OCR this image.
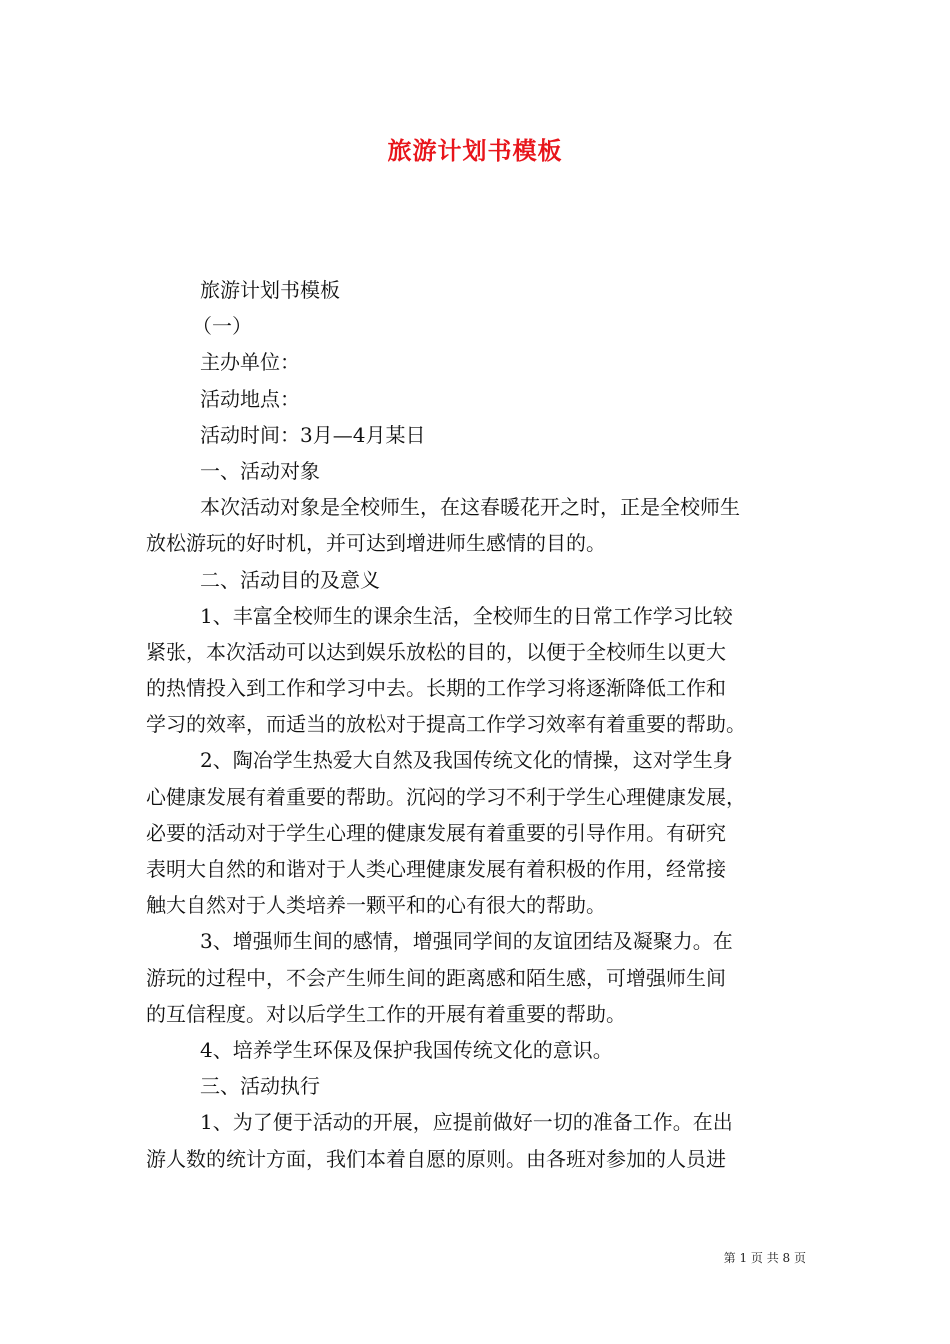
旅游计划书模板
旅游计划书模板
（一）
主办单位：
活动地点：
活动时间：3月—4月某日
一、活动对象
本次活动对象是全校师生，在这春暖花开之时，正是全校师生
放松游玩的好时机，并可达到增进师生感情的目的。
二、活动目的及意义
1、丰富全校师生的课余生活，全校师生的日常工作学习比较
紧张，本次活动可以达到娱乐放松的目的，以便于全校师生以更大
的热情投入到工作和学习中去。长期的工作学习将逐渐降低工作和
学习的效率，而适当的放松对于提高工作学习效率有着重要的帮助。
2、陶冶学生热爱大自然及我国传统文化的情操，这对学生身
心健康发展有着重要的帮助。沉闷的学习不利于学生心理健康发展，
必要的活动对于学生心理的健康发展有着重要的引导作用。有研究
表明大自然的和谐对于人类心理健康发展有着积极的作用，经常接
触大自然对于人类培养一颗平和的心有很大的帮助。
3、增强师生间的感情，增强同学间的友谊团结及凝聚力。在
游玩的过程中，不会产生师生间的距离感和陌生感，可增强师生间
的互信程度。对以后学生工作的开展有着重要的帮助。
4、培养学生环保及保护我国传统文化的意识。
三、活动执行
1、为了便于活动的开展，应提前做好一切的准备工作。在出
游人数的统计方面，我们本着自愿的原则。由各班对参加的人员进
第 1 页 共 8 页
